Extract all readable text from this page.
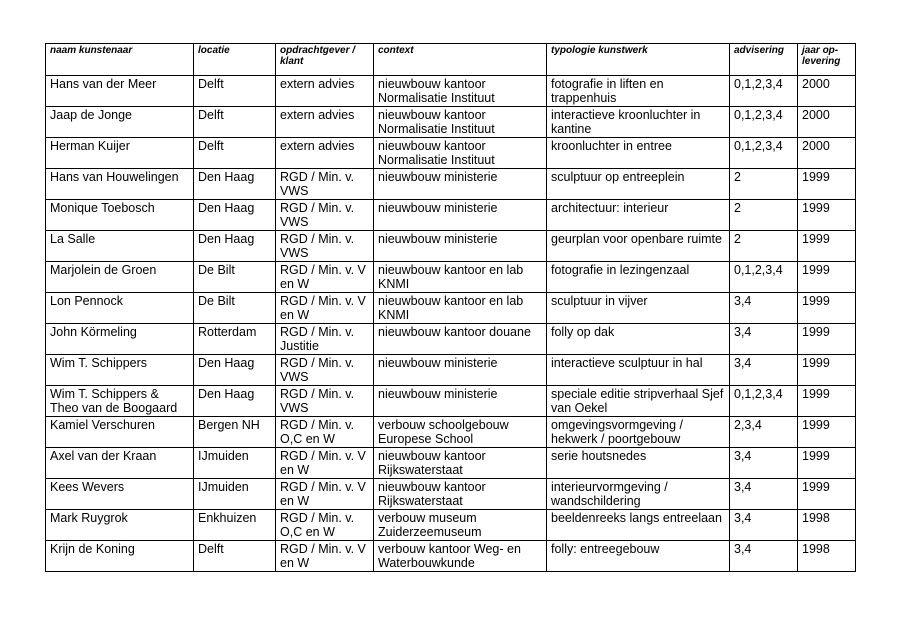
naam kunstenaar	locatie	opdrachtgever / klant	context	typologie kunstwerk	advisering	jaar op-levering
Hans van der Meer	Delft	extern advies	nieuwbouw kantoor Normalisatie Instituut	fotografie in liften en trappenhuis	0,1,2,3,4	2000
Jaap de Jonge	Delft	extern advies	nieuwbouw kantoor Normalisatie Instituut	interactieve kroonluchter in kantine	0,1,2,3,4	2000
Herman Kuijer	Delft	extern advies	nieuwbouw kantoor Normalisatie Instituut	kroonluchter in entree	0,1,2,3,4	2000
Hans van Houwelingen	Den Haag	RGD / Min. v. VWS	nieuwbouw ministerie	sculptuur op entreeplein	2	1999
Monique Toebosch	Den Haag	RGD / Min. v. VWS	nieuwbouw ministerie	architectuur: interieur	2	1999
La Salle	Den Haag	RGD / Min. v. VWS	nieuwbouw ministerie	geurplan voor openbare ruimte	2	1999
Marjolein de Groen	De Bilt	RGD / Min. v. V en W	nieuwbouw kantoor en lab KNMI	fotografie in lezingenzaal	0,1,2,3,4	1999
Lon Pennock	De Bilt	RGD / Min. v. V en W	nieuwbouw kantoor en lab KNMI	sculptuur in vijver	3,4	1999
John Körmeling	Rotterdam	RGD / Min. v. Justitie	nieuwbouw kantoor douane	folly op dak	3,4	1999
Wim T. Schippers	Den Haag	RGD / Min. v. VWS	nieuwbouw ministerie	interactieve sculptuur in hal	3,4	1999
Wim T. Schippers & Theo van de Boogaard	Den Haag	RGD / Min. v. VWS	nieuwbouw ministerie	speciale editie stripverhaal Sjef van Oekel	0,1,2,3,4	1999
Kamiel Verschuren	Bergen NH	RGD / Min. v. O,C en W	verbouw schoolgebouw Europese School	omgevingsvormgeving / hekwerk / poortgebouw	2,3,4	1999
Axel van der Kraan	IJmuiden	RGD / Min. v. V en W	nieuwbouw kantoor Rijkswaterstaat	serie houtsnedes	3,4	1999
Kees Wevers	IJmuiden	RGD / Min. v. V en W	nieuwbouw kantoor Rijkswaterstaat	interieurvormgeving / wandschildering	3,4	1999
Mark Ruygrok	Enkhuizen	RGD / Min. v. O,C en W	verbouw museum Zuiderzeemuseum	beeldenreeks langs entreelaan	3,4	1998
Krijn de Koning	Delft	RGD / Min. v. V en W	verbouw kantoor Weg- en Waterbouwkunde	folly: entreegebouw	3,4	1998
